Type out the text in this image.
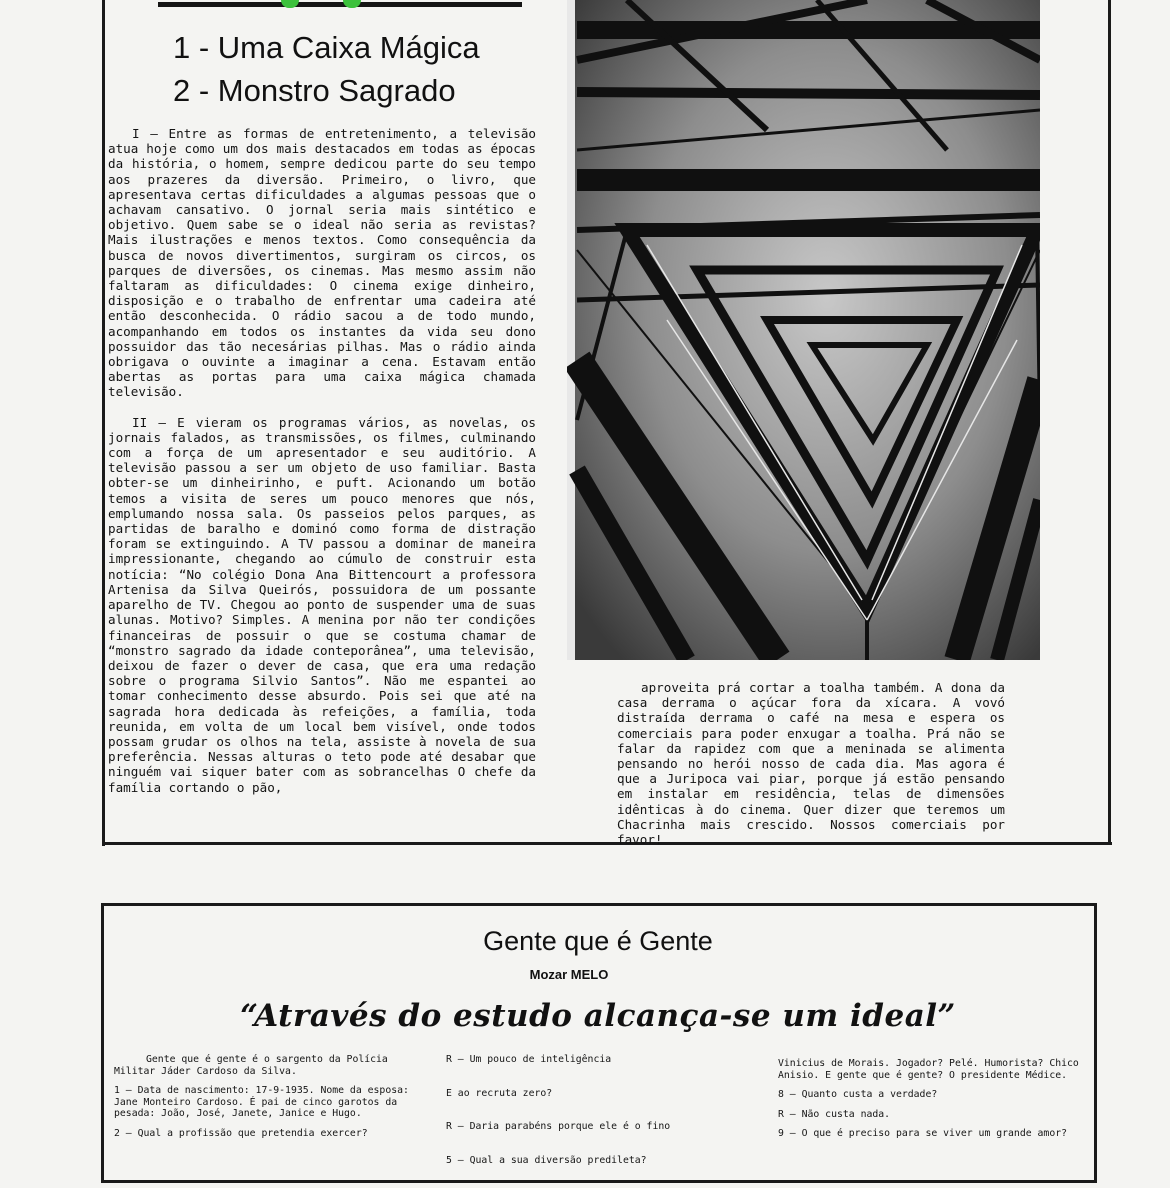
1 - Uma Caixa Mágica
2 - Monstro Sagrado

I — Entre as formas de entretenimento, a televisão atua hoje como um dos mais destacados em todas as épocas da história, o homem, sempre dedicou parte do seu tempo aos prazeres da diversão. Primeiro, o livro, que apresentava certas dificuldades a algumas pessoas que o achavam cansativo. O jornal seria mais sintético e objetivo. Quem sabe se o ideal não seria as revistas? Mais ilustrações e menos textos. Como consequência da busca de novos divertimentos, surgiram os circos, os parques de diversões, os cinemas. Mas mesmo assim não faltaram as dificuldades: O cinema exige dinheiro, disposição e o trabalho de enfrentar uma cadeira até então desconhecida. O rádio sacou a de todo mundo, acompanhando em todos os instantes da vida seu dono possuidor das tão necesárias pilhas. Mas o rádio ainda obrigava o ouvinte a imaginar a cena. Estavam então abertas as portas para uma caixa mágica chamada televisão.

II — E vieram os programas vários, as novelas, os jornais falados, as transmissões, os filmes, culminando com a força de um apresentador e seu auditório. A televisão passou a ser um objeto de uso familiar. Basta obter-se um dinheirinho, e puft. Acionando um botão temos a visita de seres um pouco menores que nós, emplumando nossa sala. Os passeios pelos parques, as partidas de baralho e dominó como forma de distração foram se extinguindo. A TV passou a dominar de maneira impressionante, chegando ao cúmulo de construir esta notícia: “No colégio Dona Ana Bittencourt a professora Artenisa da Silva Queirós, possuidora de um possante aparelho de TV. Chegou ao ponto de suspender uma de suas alunas. Motivo? Simples. A menina por não ter condições financeiras de possuir o que se costuma chamar de “monstro sagrado da idade conteporânea”, uma televisão, deixou de fazer o dever de casa, que era uma redação sobre o programa Silvio Santos”. Não me espantei ao tomar conhecimento desse absurdo. Pois sei que até na sagrada hora dedicada às refeições, a família, toda reunida, em volta de um local bem visível, onde todos possam grudar os olhos na tela, assiste à novela de sua preferência. Nessas alturas o teto pode até desabar que ninguém vai siquer bater com as sobrancelhas O chefe da família cortando o pão,

aproveita prá cortar a toalha também. A dona da casa derrama o açúcar fora da xícara. A vovó distraída derrama o café na mesa e espera os comerciais para poder enxugar a toalha. Prá não se falar da rapidez com que a meninada se alimenta pensando no herói nosso de cada dia. Mas agora é que a Juripoca vai piar, porque já estão pensando em instalar em residência, telas de dimensões idênticas à do cinema. Quer dizer que teremos um Chacrinha mais crescido. Nossos comerciais por favor!

Gente que é Gente
Mozar MELO
“Através do estudo alcança-se um ideal”

Gente que é gente é o sargento da Polícia Militar Jáder Cardoso da Silva.

1 — Data de nascimento: 17-9-1935. Nome da esposa: Jane Monteiro Cardoso. É pai de cinco garotos da pesada: João, José, Janete, Janice e Hugo.

2 — Qual a profissão que pretendia exercer?

R — Um pouco de inteligência

E ao recruta zero?

R — Daria parabéns porque ele é o fino

5 — Qual a sua diversão predileta?

Vinicius de Morais. Jogador? Pelé. Humorista? Chico Anisio. E gente que é gente? O presidente Médice.

8 — Quanto custa a verdade?

R — Não custa nada.

9 — O que é preciso para se viver um grande amor?
